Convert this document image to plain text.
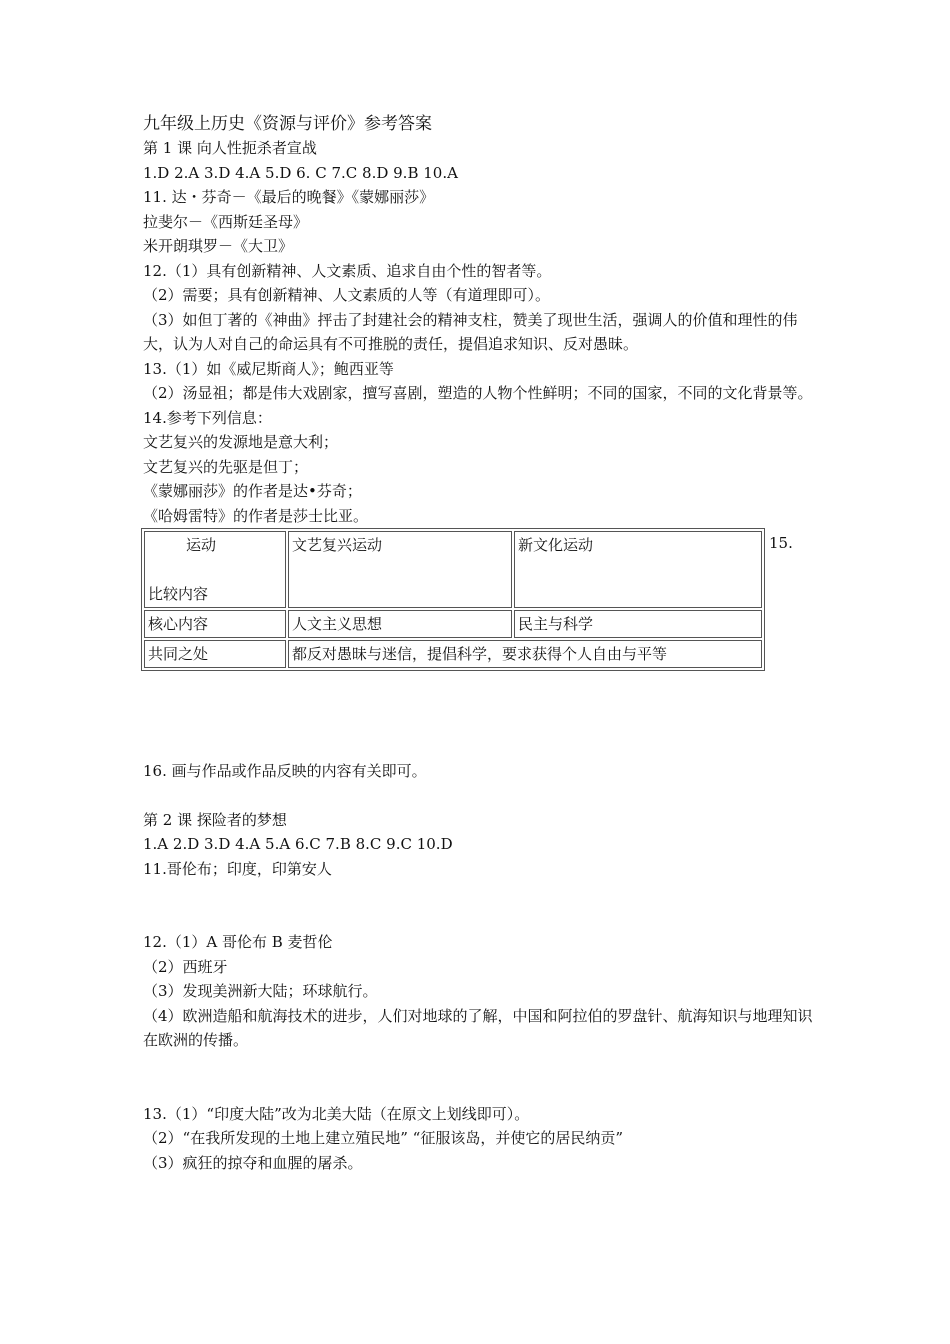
九年级上历史《资源与评价》参考答案
第 1 课 向人性扼杀者宣战
1.D 2.A 3.D 4.A 5.D 6. C 7.C 8.D 9.B 10.A
11. 达・芬奇－《最后的晚餐》《蒙娜丽莎》
拉斐尔－《西斯廷圣母》
米开朗琪罗－《大卫》
12.（1）具有创新精神、人文素质、追求自由个性的智者等。
（2）需要；具有创新精神、人文素质的人等（有道理即可）。
（3）如但丁著的《神曲》抨击了封建社会的精神支柱，赞美了现世生活，强调人的价值和理性的伟大，认为人对自己的命运具有不可推脱的责任，提倡追求知识、反对愚昧。
13.（1）如《威尼斯商人》；鲍西亚等
（2）汤显祖；都是伟大戏剧家，擅写喜剧，塑造的人物个性鲜明；不同的国家，不同的文化背景等。
14.参考下列信息：
文艺复兴的发源地是意大利；
文艺复兴的先驱是但丁；
《蒙娜丽莎》的作者是达•芬奇；
《哈姆雷特》的作者是莎士比亚。
运动
比较内容	文艺复兴运动	新文化运动
核心内容	人文主义思想	民主与科学
共同之处	都反对愚昧与迷信，提倡科学，要求获得个人自由与平等	
15.
16. 画与作品或作品反映的内容有关即可。
第 2 课 探险者的梦想
1.A 2.D 3.D 4.A 5.A 6.C 7.B 8.C 9.C 10.D
11.哥伦布；印度，印第安人
12.（1）A 哥伦布 B 麦哲伦
（2）西班牙
（3）发现美洲新大陆；环球航行。
（4）欧洲造船和航海技术的进步，人们对地球的了解，中国和阿拉伯的罗盘针、航海知识与地理知识在欧洲的传播。
13.（1）“印度大陆”改为北美大陆（在原文上划线即可）。
（2）“在我所发现的土地上建立殖民地” “征服该岛，并使它的居民纳贡”
（3）疯狂的掠夺和血腥的屠杀。
